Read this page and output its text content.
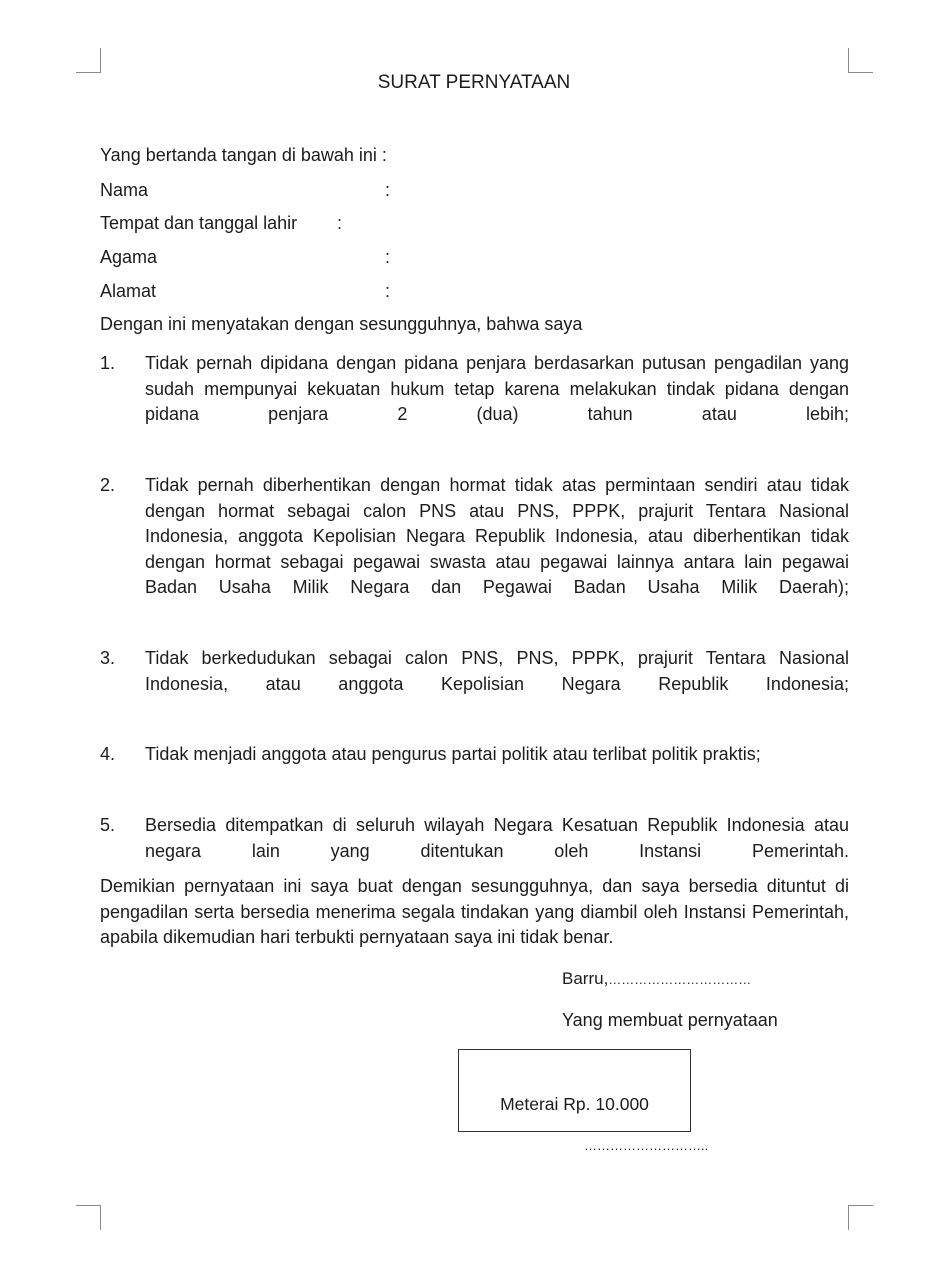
SURAT PERNYATAAN
Yang bertanda tangan di bawah ini :
Nama	:
Tempat dan tanggal lahir :
Agama	:
Alamat	:
Dengan ini menyatakan dengan sesungguhnya, bahwa saya
1. Tidak pernah dipidana dengan pidana penjara berdasarkan putusan pengadilan yang sudah mempunyai kekuatan hukum tetap karena melakukan tindak pidana dengan pidana penjara 2 (dua) tahun atau lebih;
2. Tidak pernah diberhentikan dengan hormat tidak atas permintaan sendiri atau tidak dengan hormat sebagai calon PNS atau PNS, PPPK, prajurit Tentara Nasional Indonesia, anggota Kepolisian Negara Republik Indonesia, atau diberhentikan tidak dengan hormat sebagai pegawai swasta atau pegawai lainnya antara lain pegawai Badan Usaha Milik Negara dan Pegawai Badan Usaha Milik Daerah);
3. Tidak berkedudukan sebagai calon PNS, PNS, PPPK, prajurit Tentara Nasional Indonesia, atau anggota Kepolisian Negara Republik Indonesia;
4. Tidak menjadi anggota atau pengurus partai politik atau terlibat politik praktis;
5. Bersedia ditempatkan di seluruh wilayah Negara Kesatuan Republik Indonesia atau negara lain yang ditentukan oleh Instansi Pemerintah.
Demikian pernyataan ini saya buat dengan sesungguhnya, dan saya bersedia dituntut di pengadilan serta bersedia menerima segala tindakan yang diambil oleh Instansi Pemerintah, apabila dikemudian hari terbukti pernyataan saya ini tidak benar.
Barru,……………………………
Yang membuat pernyataan
Meterai Rp. 10.000
………………………..
